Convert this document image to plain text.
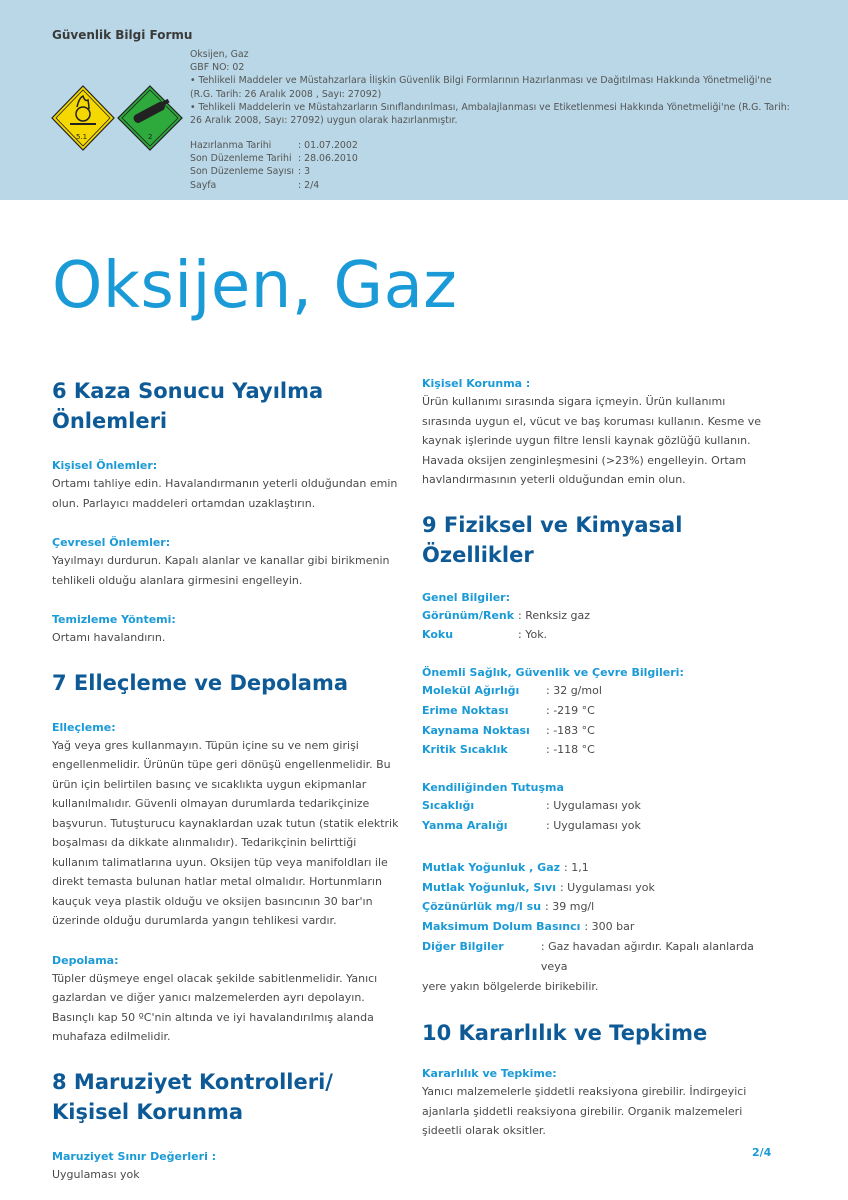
Güvenlik Bilgi Formu
5.1	2
Oksijen, Gaz
GBF NO: 02
• Tehlikeli Maddeler ve Müstahzarlara İlişkin Güvenlik Bilgi Formlarının Hazırlanması ve Dağıtılması Hakkında Yönetmeliği'ne (R.G. Tarih: 26 Aralık 2008 , Sayı: 27092)
• Tehlikeli Maddelerin ve Müstahzarların Sınıflandırılması, Ambalajlanması ve Etiketlenmesi Hakkında Yönetmeliği'ne (R.G. Tarih: 26 Aralık 2008, Sayı: 27092) uygun olarak hazırlanmıştır.
Hazırlanma Tarihi	: 01.07.2002
Son Düzenleme Tarihi : 28.06.2010
Son Düzenleme Sayısı : 3
Sayfa	: 2/4
Oksijen, Gaz
6 Kaza Sonucu Yayılma Önlemleri
Kişisel Önlemler:
Ortamı tahliye edin. Havalandırmanın yeterli olduğundan emin olun. Parlayıcı maddeleri ortamdan uzaklaştırın.
Çevresel Önlemler:
Yayılmayı durdurun. Kapalı alanlar ve kanallar gibi birikmenin tehlikeli olduğu alanlara girmesini engelleyin.
Temizleme Yöntemi:
Ortamı havalandırın.
7 Elleçleme ve Depolama
Elleçleme:
Yağ veya gres kullanmayın. Tüpün içine su ve nem girişi engellenmelidir. Ürünün tüpe geri dönüşü engellenmelidir. Bu ürün için belirtilen basınç ve sıcaklıkta uygun ekipmanlar kullanılmalıdır. Güvenli olmayan durumlarda tedarikçinize başvurun. Tutuşturucu kaynaklardan uzak tutun (statik elektrik boşalması da dikkate alınmalıdır). Tedarikçinin belirttiği kullanım talimatlarına uyun. Oksijen tüp veya manifoldları ile direkt temasta bulunan hatlar metal olmalıdır. Hortunmların kauçuk veya plastik olduğu ve oksijen basıncının 30 bar'ın üzerinde olduğu durumlarda yangın tehlikesi vardır.
Depolama:
Tüpler düşmeye engel olacak şekilde sabitlenmelidir. Yanıcı gazlardan ve diğer yanıcı malzemelerden ayrı depolayın. Basınçlı kap 50 ºC'nin altında ve iyi havalandırılmış alanda muhafaza edilmelidir.
8 Maruziyet Kontrolleri/ Kişisel Korunma
Maruziyet Sınır Değerleri :
Uygulaması yok
Kişisel Korunma :
Ürün kullanımı sırasında sigara içmeyin. Ürün kullanımı sırasında uygun el, vücut ve baş koruması kullanın. Kesme ve kaynak işlerinde uygun filtre lensli kaynak gözlüğü kullanın. Havada oksijen zenginleşmesini (>23%) engelleyin. Ortam havlandırmasının yeterli olduğundan emin olun.
9 Fiziksel ve Kimyasal Özellikler
Genel Bilgiler:
Görünüm/Renk : Renksiz gaz
Koku	: Yok.
Önemli Sağlık, Güvenlik ve Çevre Bilgileri:
Molekül Ağırlığı	: 32 g/mol
Erime Noktası	: -219 °C
Kaynama Noktası	: -183 °C
Kritik Sıcaklık	: -118 °C
Kendiliğinden Tutuşma
Sıcaklığı	: Uygulaması yok
Yanma Aralığı	: Uygulaması yok
Mutlak Yoğunluk , Gaz : 1,1
Mutlak Yoğunluk, Sıvı : Uygulaması yok
Çözünürlük mg/l su : 39 mg/l
Maksimum Dolum Basıncı : 300 bar
Diğer Bilgiler	: Gaz havadan ağırdır. Kapalı alanlarda veya
yere yakın bölgelerde birikebilir.
10 Kararlılık ve Tepkime
Kararlılık ve Tepkime:
Yanıcı malzemelerle şiddetli reaksiyona girebilir. İndirgeyici ajanlarla şiddetli reaksiyona girebilir. Organik malzemeleri şideetli olarak oksitler.
2/4
